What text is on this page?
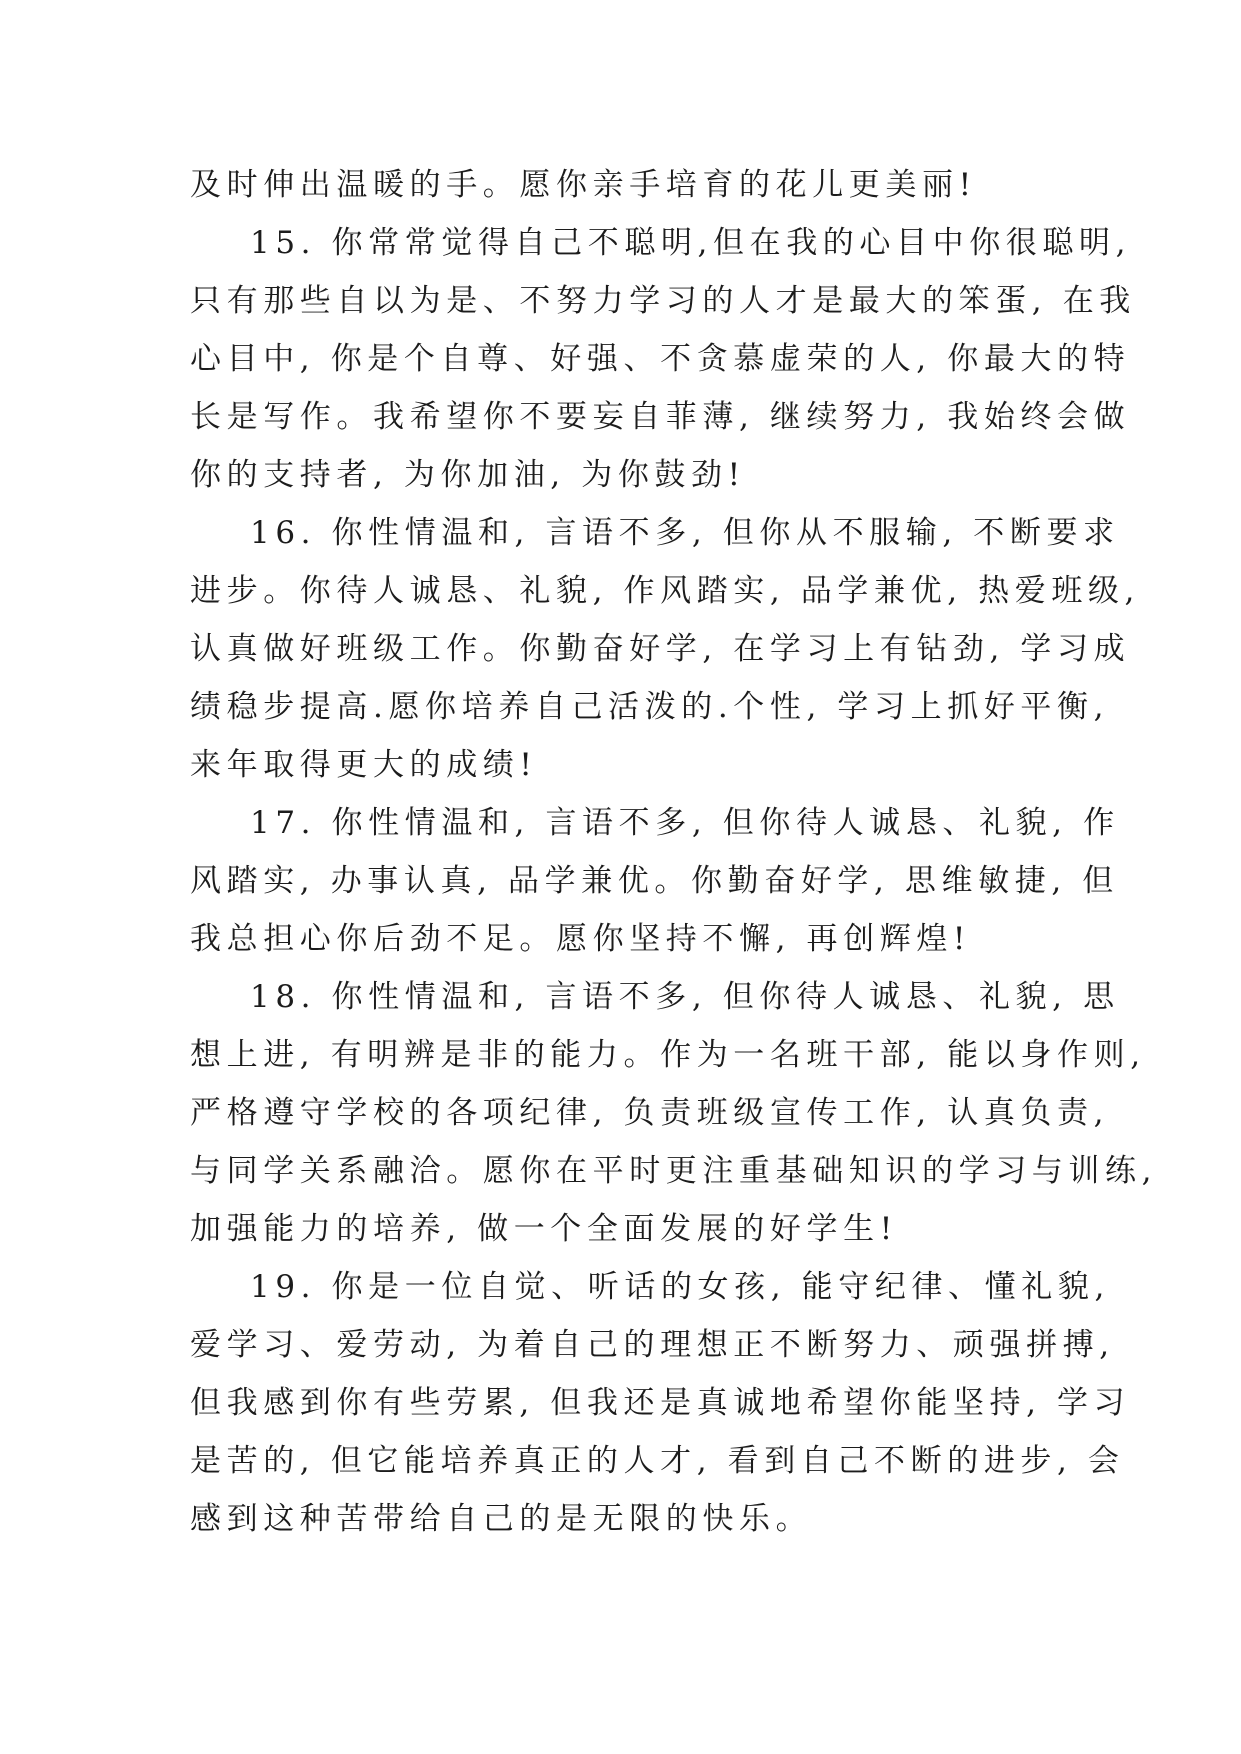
及时伸出温暖的手。愿你亲手培育的花儿更美丽!
15. 你常常觉得自己不聪明,但在我的心目中你很聪明,
只有那些自以为是、不努力学习的人才是最大的笨蛋, 在我
心目中, 你是个自尊、好强、不贪慕虚荣的人, 你最大的特
长是写作。我希望你不要妄自菲薄, 继续努力, 我始终会做
你的支持者, 为你加油, 为你鼓劲!
16. 你性情温和, 言语不多, 但你从不服输, 不断要求
进步。你待人诚恳、礼貌, 作风踏实, 品学兼优, 热爱班级,
认真做好班级工作。你勤奋好学, 在学习上有钻劲, 学习成
绩稳步提高.愿你培养自己活泼的.个性, 学习上抓好平衡,
来年取得更大的成绩!
17. 你性情温和, 言语不多, 但你待人诚恳、礼貌, 作
风踏实, 办事认真, 品学兼优。你勤奋好学, 思维敏捷, 但
我总担心你后劲不足。愿你坚持不懈, 再创辉煌!
18. 你性情温和, 言语不多, 但你待人诚恳、礼貌, 思
想上进, 有明辨是非的能力。作为一名班干部, 能以身作则,
严格遵守学校的各项纪律, 负责班级宣传工作, 认真负责,
与同学关系融洽。愿你在平时更注重基础知识的学习与训练,
加强能力的培养, 做一个全面发展的好学生!
19. 你是一位自觉、听话的女孩, 能守纪律、懂礼貌,
爱学习、爱劳动, 为着自己的理想正不断努力、顽强拼搏,
但我感到你有些劳累, 但我还是真诚地希望你能坚持, 学习
是苦的, 但它能培养真正的人才, 看到自己不断的进步, 会
感到这种苦带给自己的是无限的快乐。
